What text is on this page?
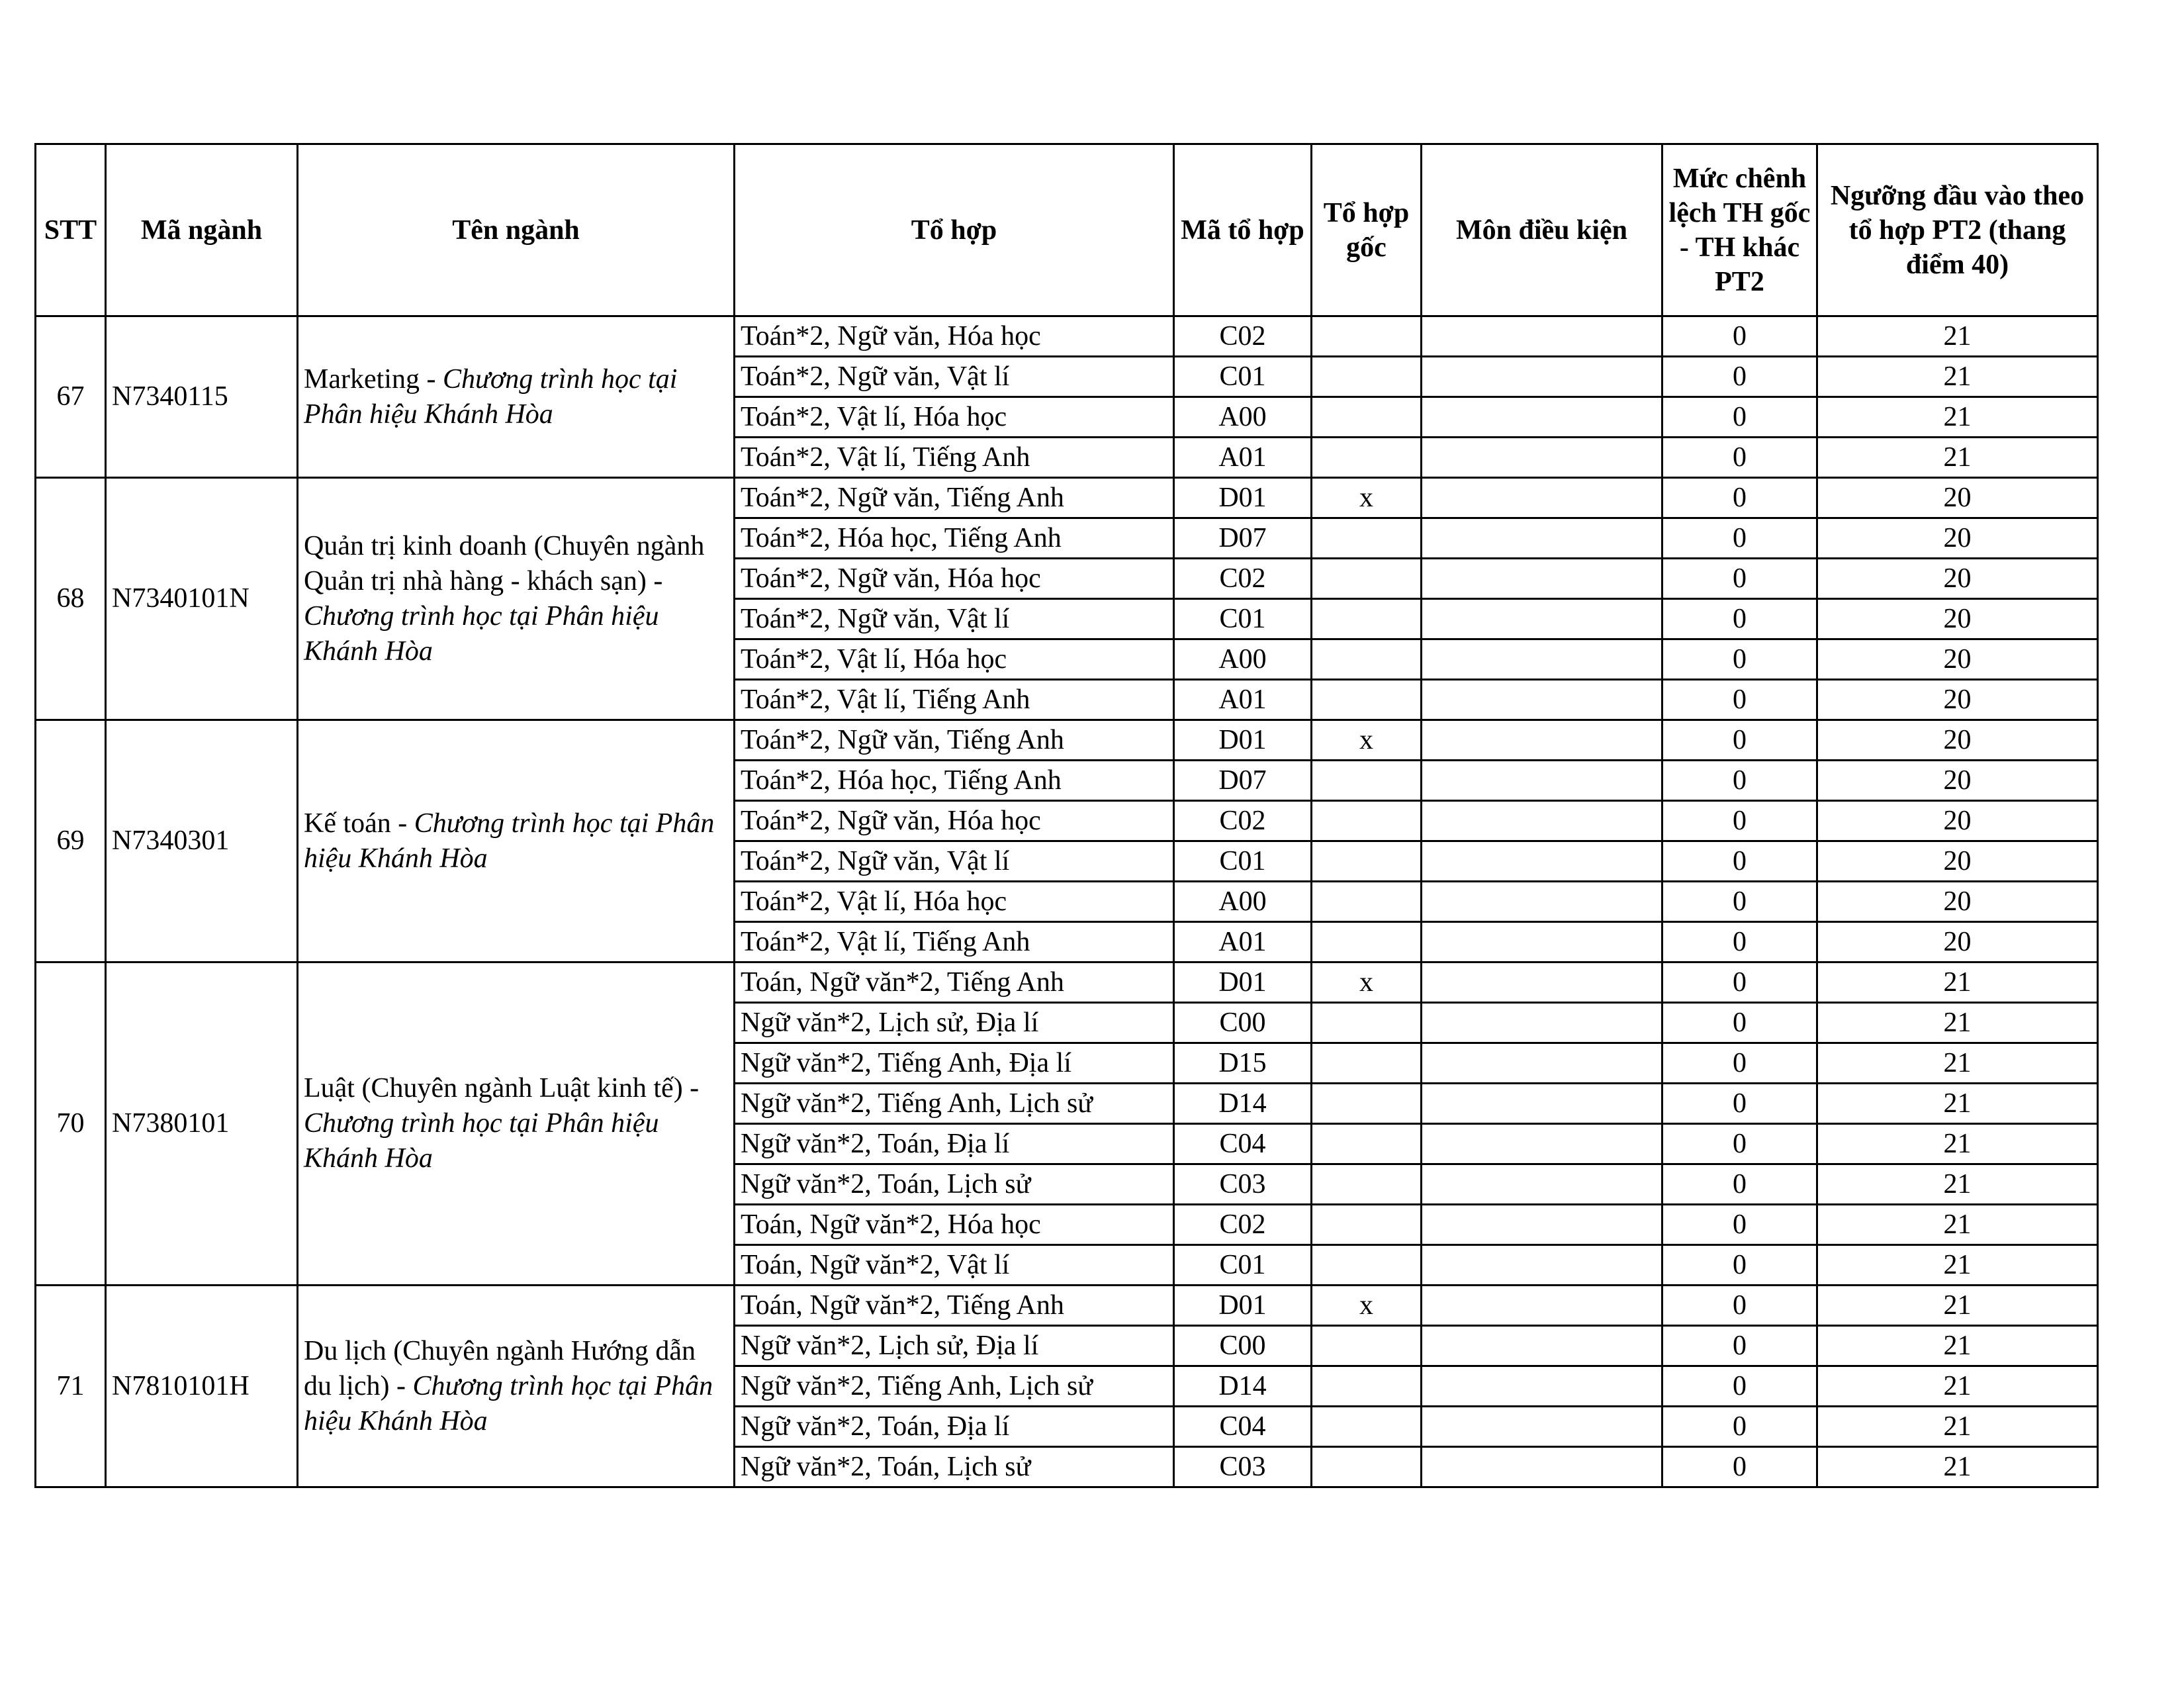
STT	Mã ngành	Tên ngành	Tổ hợp	Mã tổ hợp	Tổ hợp gốc	Môn điều kiện	Mức chênh lệch TH gốc - TH khác PT2	Ngưỡng đầu vào theo tổ hợp PT2 (thang điểm 40)
67	N7340115	Marketing - Chương trình học tại Phân hiệu Khánh Hòa	Toán*2, Ngữ văn, Hóa học	C02			0	21
			Toán*2, Ngữ văn, Vật lí	C01			0	21
			Toán*2, Vật lí, Hóa học	A00			0	21
			Toán*2, Vật lí, Tiếng Anh	A01			0	21
68	N7340101N	Quản trị kinh doanh (Chuyên ngành Quản trị nhà hàng - khách sạn) - Chương trình học tại Phân hiệu Khánh Hòa	Toán*2, Ngữ văn, Tiếng Anh	D01	x		0	20
			Toán*2, Hóa học, Tiếng Anh	D07			0	20
			Toán*2, Ngữ văn, Hóa học	C02			0	20
			Toán*2, Ngữ văn, Vật lí	C01			0	20
			Toán*2, Vật lí, Hóa học	A00			0	20
			Toán*2, Vật lí, Tiếng Anh	A01			0	20
69	N7340301	Kế toán - Chương trình học tại Phân hiệu Khánh Hòa	Toán*2, Ngữ văn, Tiếng Anh	D01	x		0	20
			Toán*2, Hóa học, Tiếng Anh	D07			0	20
			Toán*2, Ngữ văn, Hóa học	C02			0	20
			Toán*2, Ngữ văn, Vật lí	C01			0	20
			Toán*2, Vật lí, Hóa học	A00			0	20
			Toán*2, Vật lí, Tiếng Anh	A01			0	20
70	N7380101	Luật (Chuyên ngành Luật kinh tế) - Chương trình học tại Phân hiệu Khánh Hòa	Toán, Ngữ văn*2, Tiếng Anh	D01	x		0	21
			Ngữ văn*2, Lịch sử, Địa lí	C00			0	21
			Ngữ văn*2, Tiếng Anh, Địa lí	D15			0	21
			Ngữ văn*2, Tiếng Anh, Lịch sử	D14			0	21
			Ngữ văn*2, Toán, Địa lí	C04			0	21
			Ngữ văn*2, Toán, Lịch sử	C03			0	21
			Toán, Ngữ văn*2, Hóa học	C02			0	21
			Toán, Ngữ văn*2, Vật lí	C01			0	21
71	N7810101H	Du lịch (Chuyên ngành Hướng dẫn du lịch) - Chương trình học tại Phân hiệu Khánh Hòa	Toán, Ngữ văn*2, Tiếng Anh	D01	x		0	21
			Ngữ văn*2, Lịch sử, Địa lí	C00			0	21
			Ngữ văn*2, Tiếng Anh, Lịch sử	D14			0	21
			Ngữ văn*2, Toán, Địa lí	C04			0	21
			Ngữ văn*2, Toán, Lịch sử	C03			0	21
